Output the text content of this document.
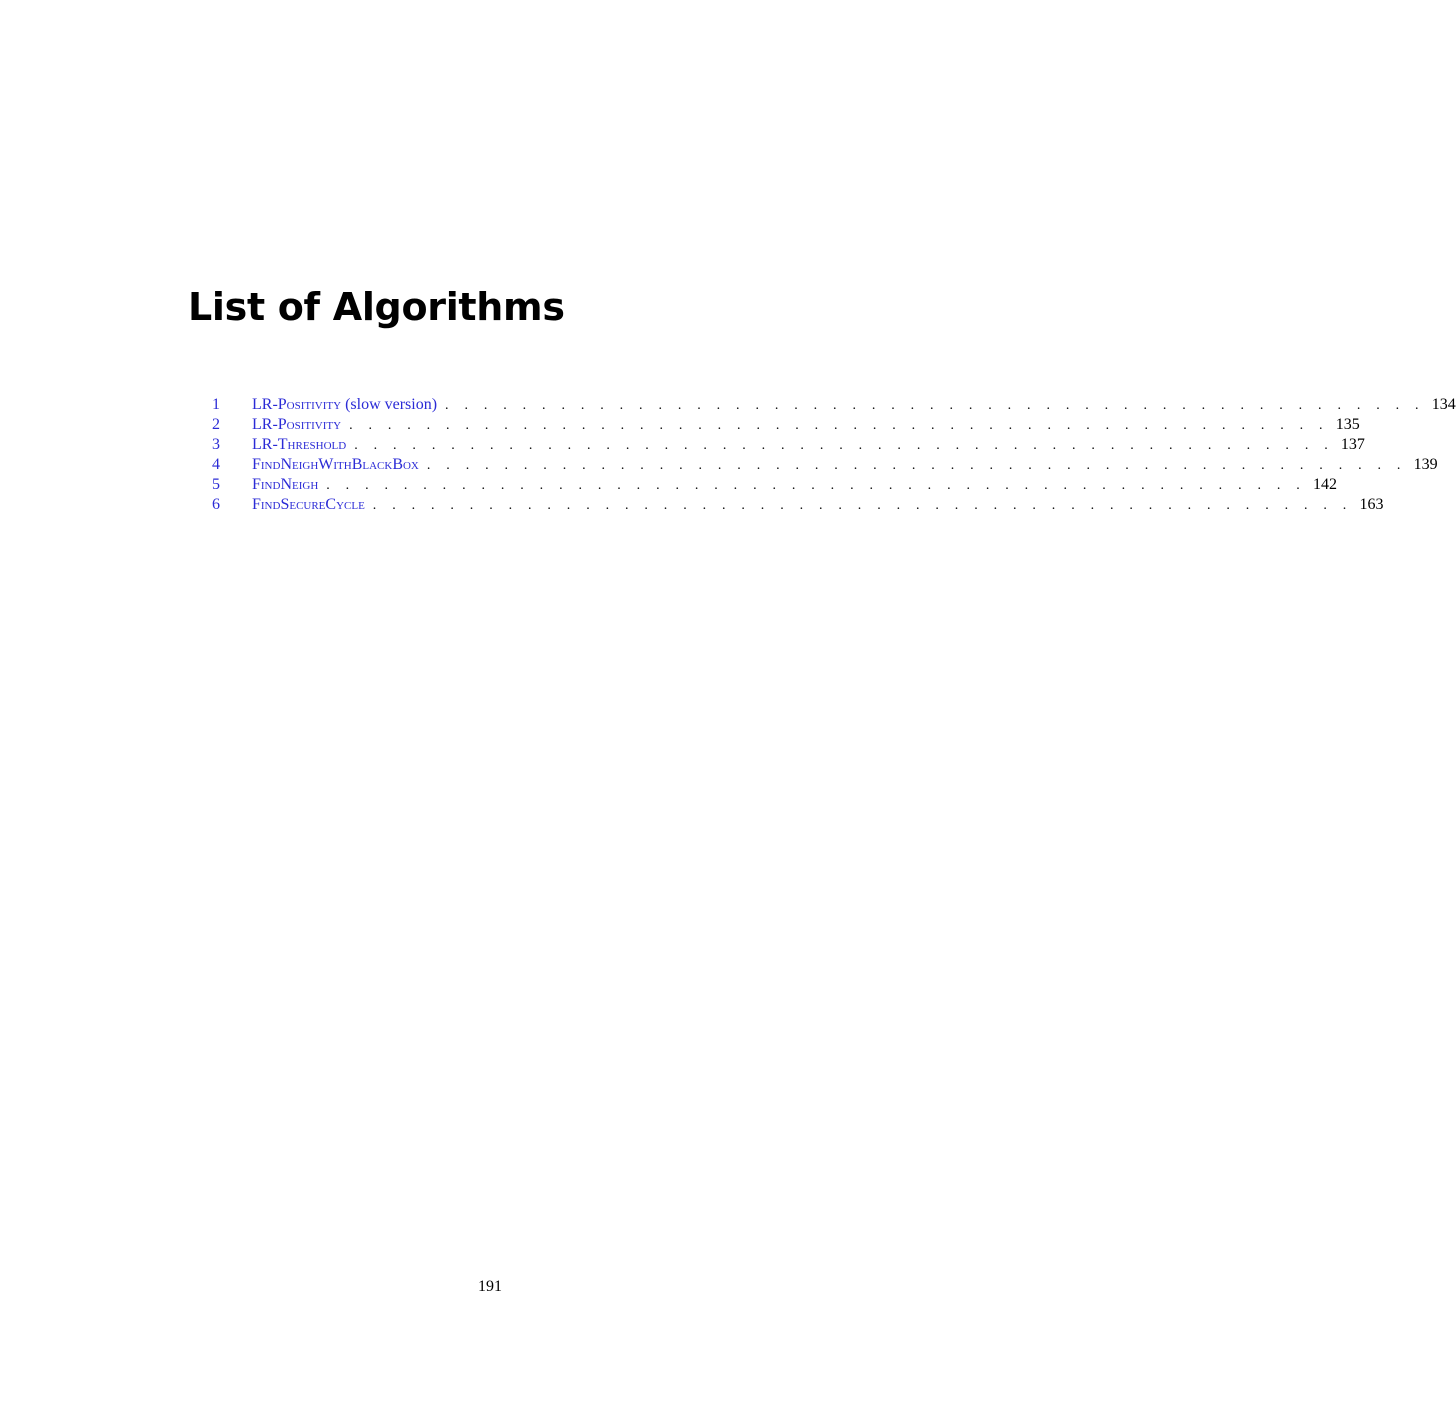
List of Algorithms
1	LR-Positivity (slow version) . . . . . . . . . . . . . . . . . . . . . . . . . . . . . . . . . . . . . . . . . . . . . . . . . . . 134
2	LR-Positivity . . . . . . . . . . . . . . . . . . . . . . . . . . . . . . . . . . . . . . . . . . . . . . . . . . . 135
3	LR-Threshold . . . . . . . . . . . . . . . . . . . . . . . . . . . . . . . . . . . . . . . . . . . . . . . . . . . 137
4	FindNeighWithBlackBox . . . . . . . . . . . . . . . . . . . . . . . . . . . . . . . . . . . . . . . . . . . . . . . . . . . 139
5	FindNeigh . . . . . . . . . . . . . . . . . . . . . . . . . . . . . . . . . . . . . . . . . . . . . . . . . . . 142
6	FindSecureCycle . . . . . . . . . . . . . . . . . . . . . . . . . . . . . . . . . . . . . . . . . . . . . . . . . . . 163
191
